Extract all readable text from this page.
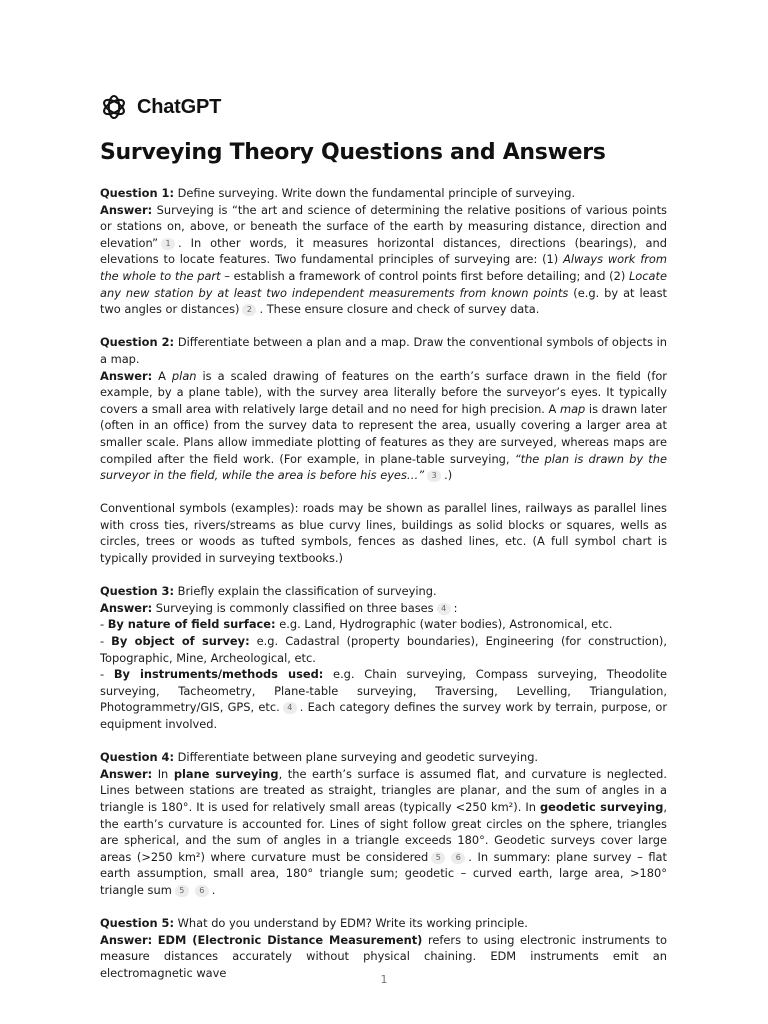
ChatGPT
Surveying Theory Questions and Answers

Question 1: Define surveying. Write down the fundamental principle of surveying.

Answer: Surveying is “the art and science of determining the relative positions of various points or stations on, above, or beneath the surface of the earth by measuring distance, direction and elevation” 1 . In other words, it measures horizontal distances, directions (bearings), and elevations to locate features. Two fundamental principles of surveying are: (1) Always work from the whole to the part – establish a framework of control points first before detailing; and (2) Locate any new station by at least two independent measurements from known points (e.g. by at least two angles or distances) 2 . These ensure closure and check of survey data.

Question 2: Differentiate between a plan and a map. Draw the conventional symbols of objects in a map.

Answer: A plan is a scaled drawing of features on the earth’s surface drawn in the field (for example, by a plane table), with the survey area literally before the surveyor’s eyes. It typically covers a small area with relatively large detail and no need for high precision. A map is drawn later (often in an office) from the survey data to represent the area, usually covering a larger area at smaller scale. Plans allow immediate plotting of features as they are surveyed, whereas maps are compiled after the field work. (For example, in plane-table surveying, “the plan is drawn by the surveyor in the field, while the area is before his eyes…” 3 .)

Conventional symbols (examples): roads may be shown as parallel lines, railways as parallel lines with cross ties, rivers/streams as blue curvy lines, buildings as solid blocks or squares, wells as circles, trees or woods as tufted symbols, fences as dashed lines, etc. (A full symbol chart is typically provided in surveying textbooks.)

Question 3: Briefly explain the classification of surveying.

Answer: Surveying is commonly classified on three bases 4 :

- By nature of field surface: e.g. Land, Hydrographic (water bodies), Astronomical, etc.

- By object of survey: e.g. Cadastral (property boundaries), Engineering (for construction), Topographic, Mine, Archeological, etc.

- By instruments/methods used: e.g. Chain surveying, Compass surveying, Theodolite surveying, Tacheometry, Plane-table surveying, Traversing, Levelling, Triangulation, Photogrammetry/GIS, GPS, etc. 4 . Each category defines the survey work by terrain, purpose, or equipment involved.

Question 4: Differentiate between plane surveying and geodetic surveying.

Answer: In plane surveying, the earth’s surface is assumed flat, and curvature is neglected. Lines between stations are treated as straight, triangles are planar, and the sum of angles in a triangle is 180°. It is used for relatively small areas (typically <250 km²). In geodetic surveying, the earth’s curvature is accounted for. Lines of sight follow great circles on the sphere, triangles are spherical, and the sum of angles in a triangle exceeds 180°. Geodetic surveys cover large areas (>250 km²) where curvature must be considered 5 6 . In summary: plane survey – flat earth assumption, small area, 180° triangle sum; geodetic – curved earth, large area, >180° triangle sum 5 6 .

Question 5: What do you understand by EDM? Write its working principle.

Answer: EDM (Electronic Distance Measurement) refers to using electronic instruments to measure distances accurately without physical chaining. EDM instruments emit an electromagnetic wave	1
